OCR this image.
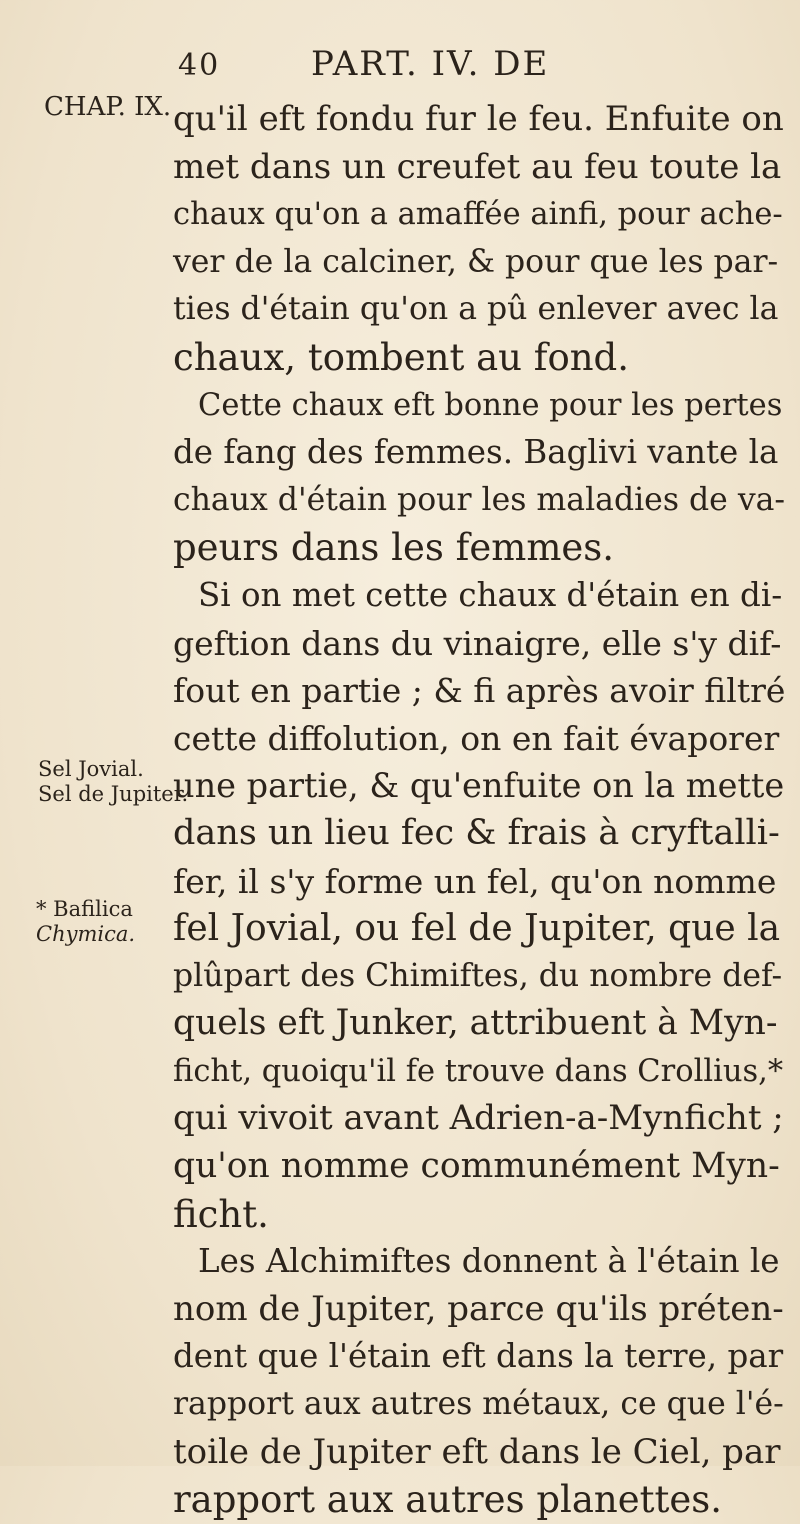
40	PART. IV. DE
CHAP. IX.
Sel Jovial.
Sel de Jupiter.
* Bafilica
Chymica.
qu'il eft fondu fur le feu. Enfuite on
met dans un creufet au feu toute la
chaux qu'on a amaffée ainfi, pour ache-
ver de la calciner, & pour que les par-
ties d'étain qu'on a pû enlever avec la
chaux, tombent au fond.
Cette chaux eft bonne pour les pertes
de fang des femmes. Baglivi vante la
chaux d'étain pour les maladies de va-
peurs dans les femmes.
Si on met cette chaux d'étain en di-
geftion dans du vinaigre, elle s'y dif-
fout en partie ; & fi après avoir filtré
cette diffolution, on en fait évaporer
une partie, & qu'enfuite on la mette
dans un lieu fec & frais à cryftalli-
fer, il s'y forme un fel, qu'on nomme
fel Jovial, ou fel de Jupiter, que la
plûpart des Chimiftes, du nombre def-
quels eft Junker, attribuent à Myn-
ficht, quoiqu'il fe trouve dans Crollius,*
qui vivoit avant Adrien-a-Mynficht ;
qu'on nomme communément Myn-
ficht.
Les Alchimiftes donnent à l'étain le
nom de Jupiter, parce qu'ils préten-
dent que l'étain eft dans la terre, par
rapport aux autres métaux, ce que l'é-
toile de Jupiter eft dans le Ciel, par
rapport aux autres planettes.
